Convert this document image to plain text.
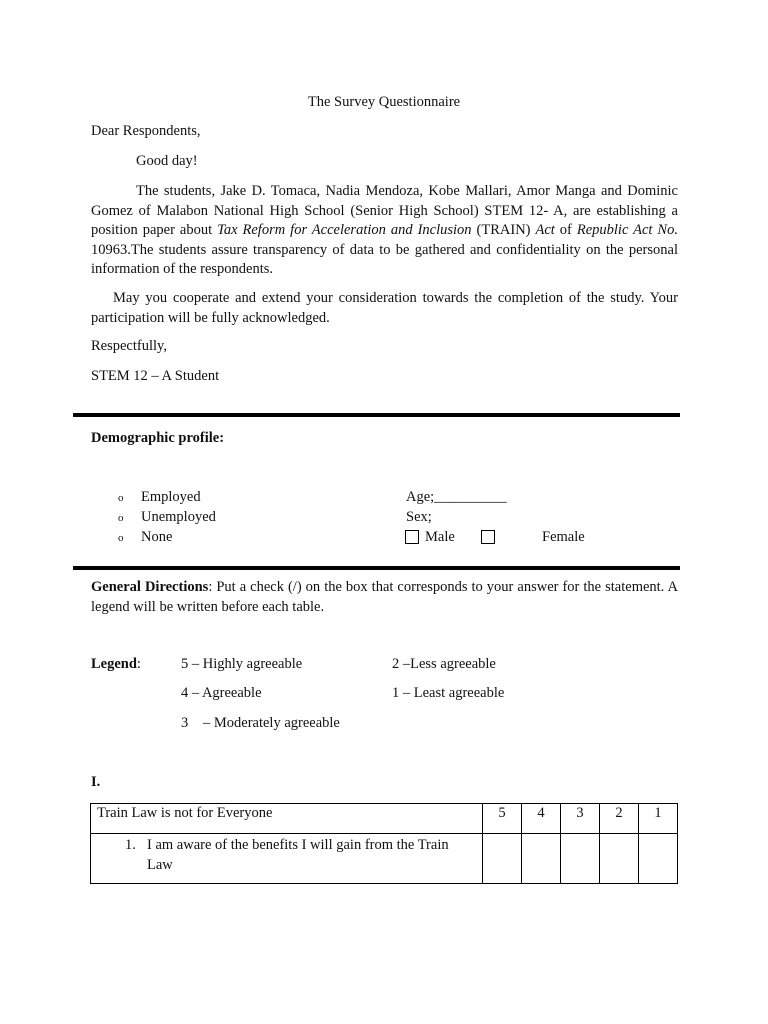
The Survey Questionnaire
Dear Respondents,
Good day!
The students, Jake D. Tomaca, Nadia Mendoza, Kobe Mallari, Amor Manga and Dominic Gomez of Malabon National High School (Senior High School) STEM 12- A, are establishing a position paper about Tax Reform for Acceleration and Inclusion (TRAIN) Act of Republic Act No. 10963.The students assure transparency of data to be gathered and confidentiality on the personal information of the respondents.
May you cooperate and extend your consideration towards the completion of the study. Your participation will be fully acknowledged.
Respectfully,
STEM 12 – A Student
Demographic profile:
o Employed
o Unemployed
o None
Age;__________
Sex;
Male	Female
General Directions: Put a check (/) on the box that corresponds to your answer for the statement. A legend will be written before each table.
Legend:	5 – Highly agreeable	2 –Less agreeable
4 – Agreeable	1 – Least agreeable
3 – Moderately agreeable
I.
Train Law is not for Everyone	5	4	3	2	1

1. I am aware of the benefits I will gain from the Train Law					
